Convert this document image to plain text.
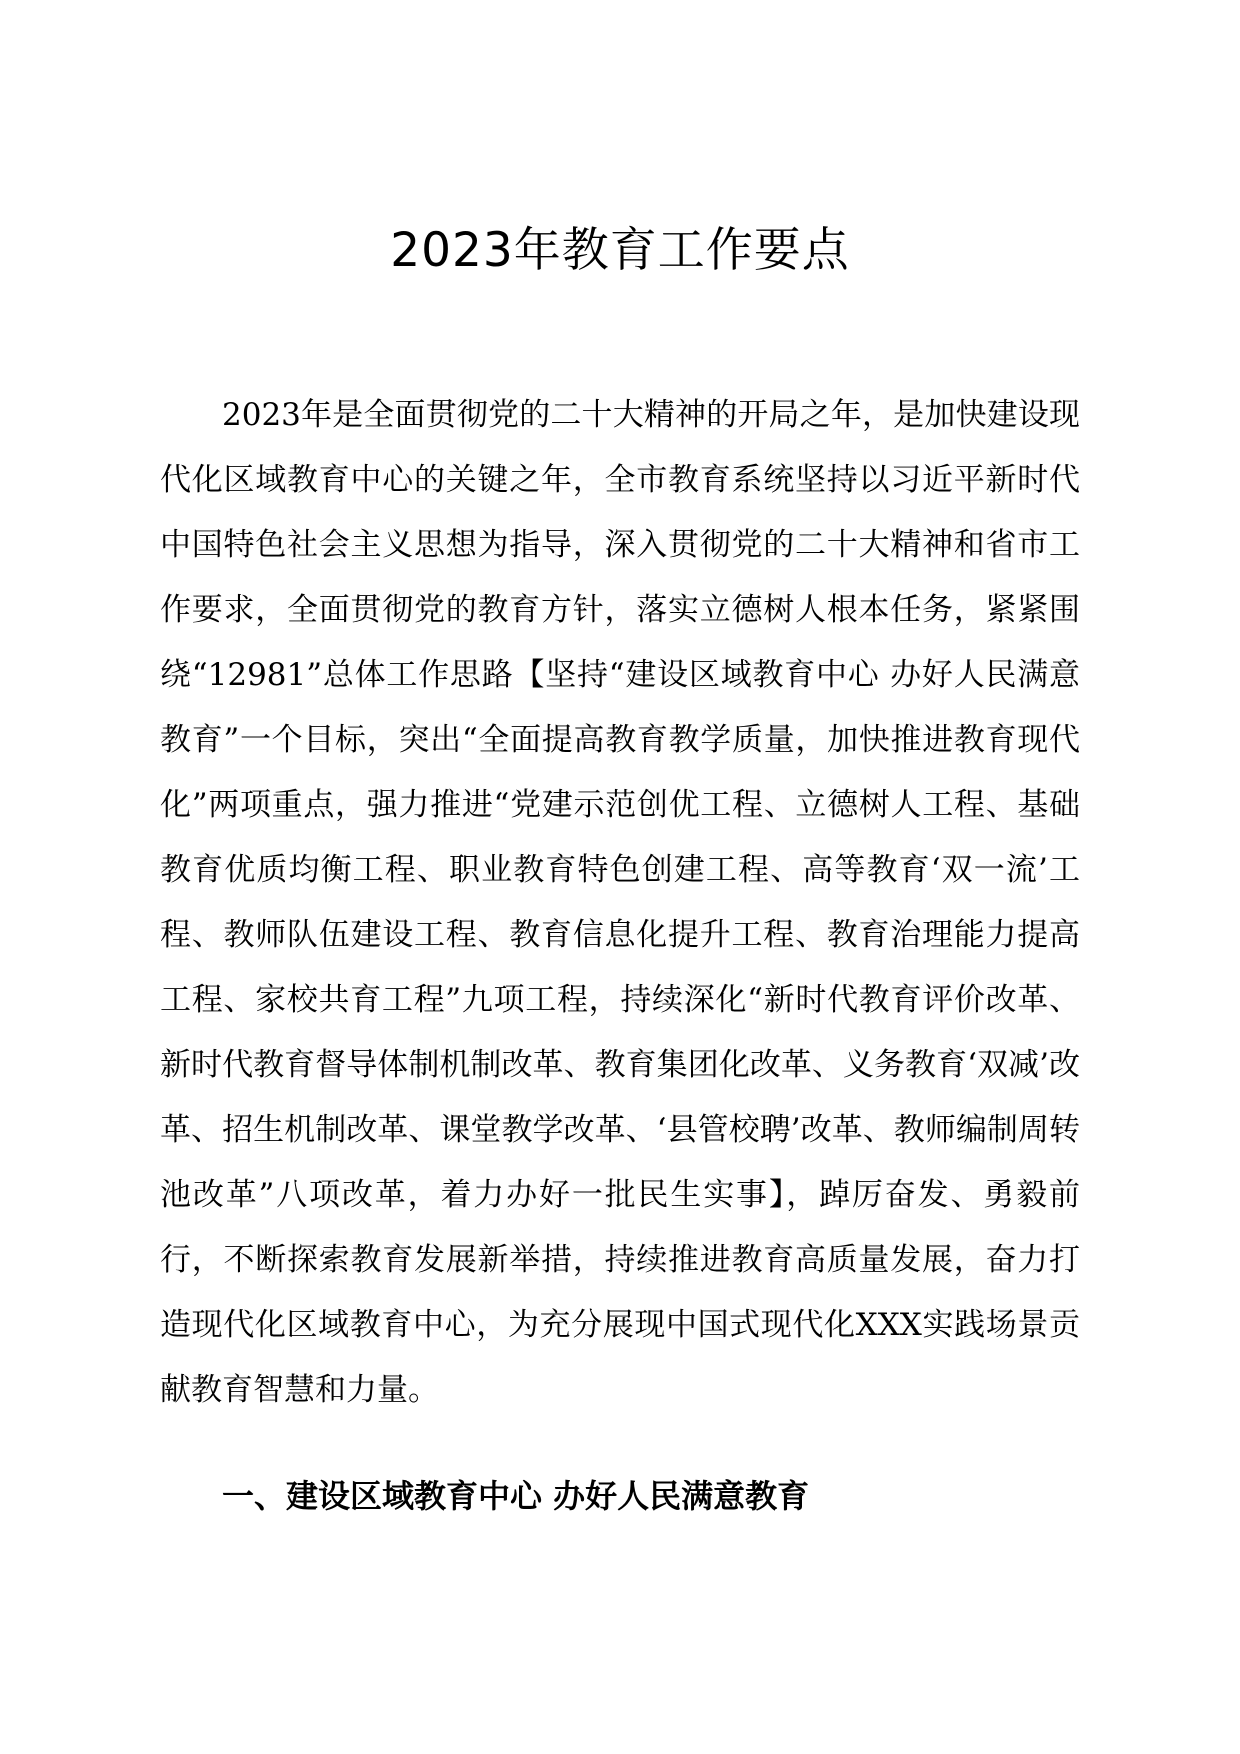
2023年教育工作要点

2023年是全面贯彻党的二十大精神的开局之年，是加快建设现代化区域教育中心的关键之年，全市教育系统坚持以习近平新时代中国特色社会主义思想为指导，深入贯彻党的二十大精神和省市工作要求，全面贯彻党的教育方针，落实立德树人根本任务，紧紧围绕“12981”总体工作思路【坚持“建设区域教育中心 办好人民满意教育”一个目标，突出“全面提高教育教学质量，加快推进教育现代化”两项重点，强力推进“党建示范创优工程、立德树人工程、基础教育优质均衡工程、职业教育特色创建工程、高等教育‘双一流’工程、教师队伍建设工程、教育信息化提升工程、教育治理能力提高工程、家校共育工程”九项工程，持续深化“新时代教育评价改革、新时代教育督导体制机制改革、教育集团化改革、义务教育‘双减’改革、招生机制改革、课堂教学改革、‘县管校聘’改革、教师编制周转池改革”八项改革，着力办好一批民生实事】，踔厉奋发、勇毅前行，不断探索教育发展新举措，持续推进教育高质量发展，奋力打造现代化区域教育中心，为充分展现中国式现代化XXX实践场景贡献教育智慧和力量。

一、建设区域教育中心 办好人民满意教育
